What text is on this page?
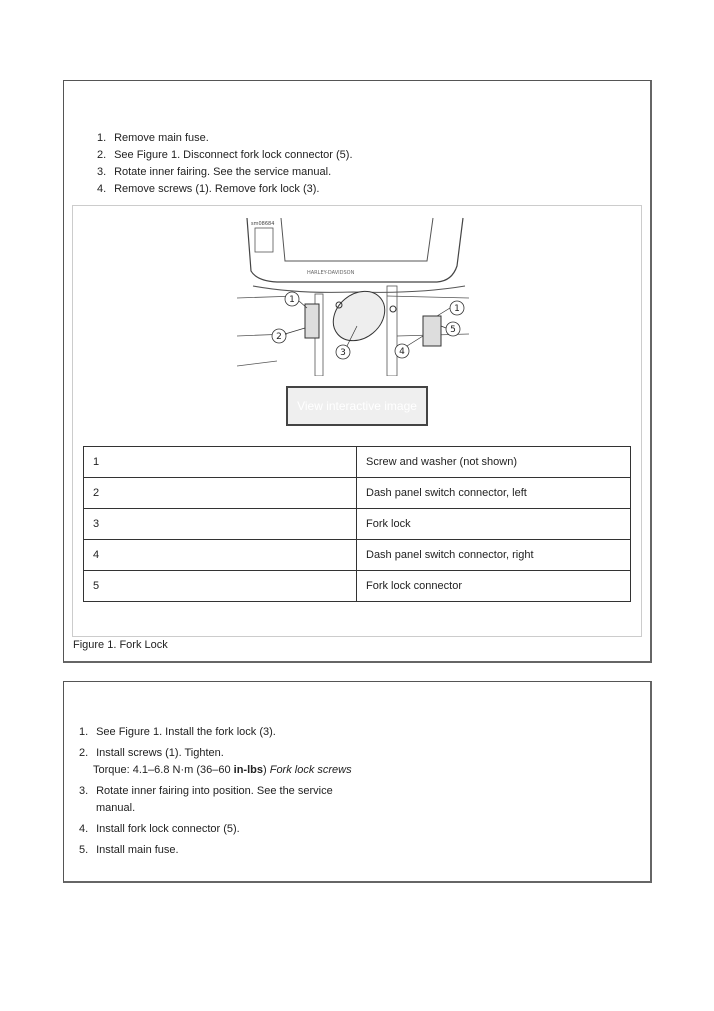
1. Remove main fuse.
2. See Figure 1. Disconnect fork lock connector (5).
3. Rotate inner fairing. See the service manual.
4. Remove screws (1). Remove fork lock (3).
HARLEY-DAVIDSON
sm08684
1
2
3	4
5
1
View interactive image
1	Screw and washer (not shown)
2	Dash panel switch connector, left
3	Fork lock
4	Dash panel switch connector, right
5	Fork lock connector
Figure 1. Fork Lock
1. See Figure 1. Install the fork lock (3).
2. Install screws (1). Tighten.
Torque: 4.1–6.8 N·m (36–60 in-lbs) Fork lock screws
3. Rotate inner fairing into position. See the service
manual.
4. Install fork lock connector (5).
5. Install main fuse.
